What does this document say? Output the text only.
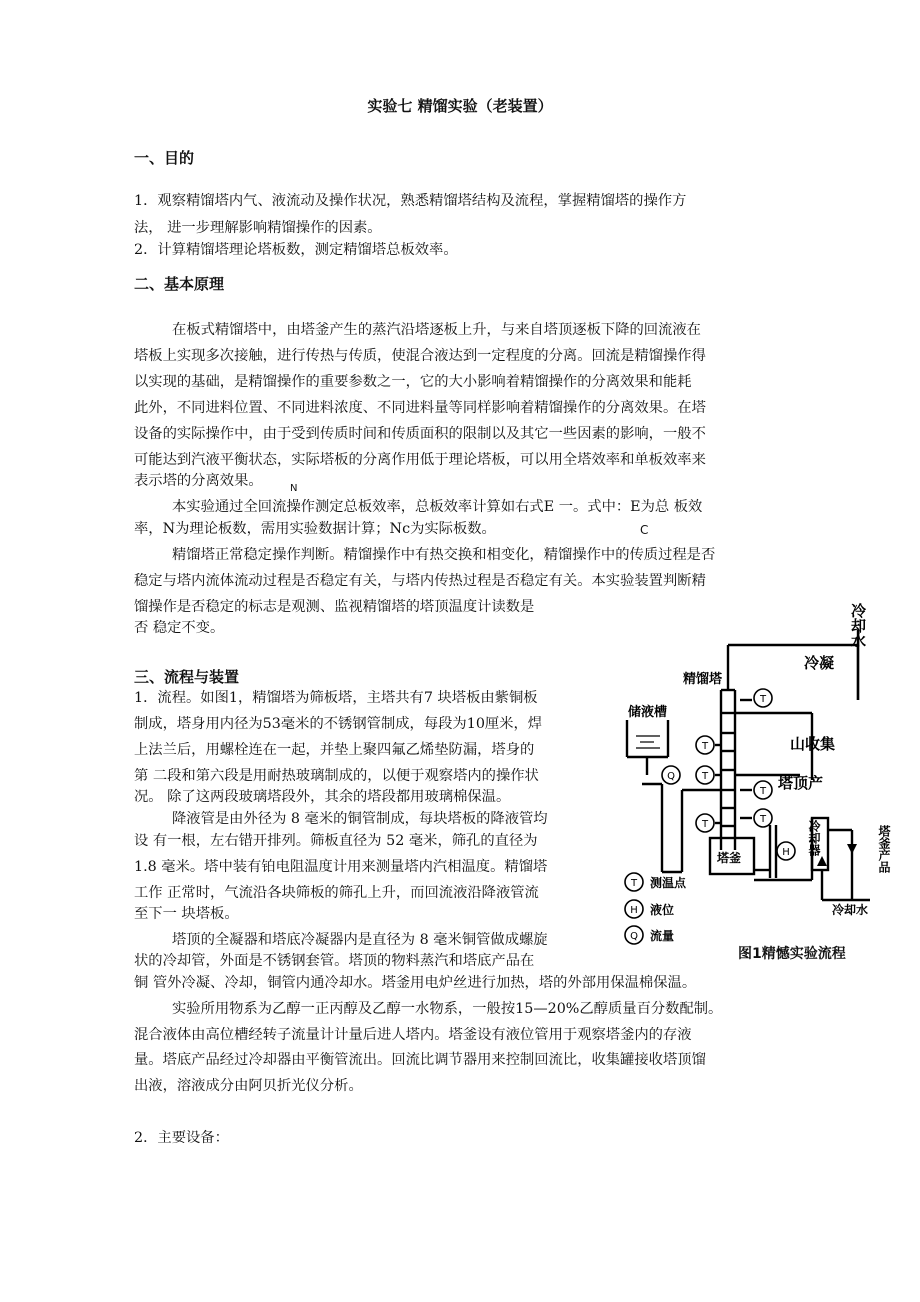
实验七 精馏实验（老装置）
一、目的
1．观察精馏塔内气、液流动及操作状况，熟悉精馏塔结构及流程，掌握精馏塔的操作方
法， 进一步理解影响精馏操作的因素。
2．计算精馏塔理论塔板数，测定精馏塔总板效率。
二、基本原理
在板式精馏塔中，由塔釜产生的蒸汽沿塔逐板上升，与来自塔顶逐板下降的回流液在
塔板上实现多次接触，进行传热与传质，使混合液达到一定程度的分离。回流是精馏操作得
以实现的基础，是精馏操作的重要参数之一，它的大小影响着精馏操作的分离效果和能耗
此外，不同进料位置、不同进料浓度、不同进料量等同样影响着精馏操作的分离效果。在塔
设备的实际操作中，由于受到传质时间和传质面积的限制以及其它一些因素的影响，一般不
可能达到汽液平衡状态，实际塔板的分离作用低于理论塔板，可以用全塔效率和单板效率来
表示塔的分离效果。	N
本实验通过全回流操作测定总板效率，总板效率计算如右式E 一。式中：E为总 板效
率，N为理论板数，需用实验数据计算；Nc为实际板数。	C
精馏塔正常稳定操作判断。精馏操作中有热交换和相变化，精馏操作中的传质过程是否
稳定与塔内流体流动过程是否稳定有关，与塔内传热过程是否稳定有关。本实验装置判断精
馏操作是否稳定的标志是观测、监视精馏塔的塔顶温度计读数是
否 稳定不变。
三、流程与装置
1．流程。如图1，精馏塔为筛板塔，主塔共有7 块塔板由紫铜板
制成，塔身用内径为53毫米的不锈钢管制成，每段为10厘米，焊
上法兰后，用螺栓连在一起，并垫上聚四氟乙烯垫防漏，塔身的
第 二段和第六段是用耐热玻璃制成的，以便于观察塔内的操作状
况。 除了这两段玻璃塔段外，其余的塔段都用玻璃棉保温。
降液管是由外径为 8 毫米的铜管制成，每块塔板的降液管均
设 有一根，左右错开排列。筛板直径为 52 毫米，筛孔的直径为
1.8 毫米。塔中装有铂电阻温度计用来测量塔内汽相温度。精馏塔
工作 正常时，气流沿各块筛板的筛孔上升，而回流液沿降液管流
至下一 块塔板。
塔顶的全凝器和塔底冷凝器内是直径为 8 毫米铜管做成螺旋
状的冷却管，外面是不锈钢套管。塔顶的物料蒸汽和塔底产品在
铜 管外冷凝、冷却，铜管内通冷却水。塔釜用电炉丝进行加热，塔的外部用保温棉保温。
实验所用物系为乙醇一正丙醇及乙醇一水物系，一般按15—20%乙醇质量百分数配制。
混合液体由高位槽经转子流量计计量后进人塔内。塔釜设有液位管用于观察塔釜内的存液
量。塔底产品经过冷却器由平衡管流出。回流比调节器用来控制回流比，收集罐接收塔顶馏
出液，溶液成分由阿贝折光仪分析。
2．主要设备：
T
T
T
T
T	T
H
Q
T
H
Q
精馏塔
储液槽
冷凝
山收集
塔顶产
塔釜
冷却水
测温点
液位
流量
冷却水
冷却器	塔釜产品
图1精憾实验流程
